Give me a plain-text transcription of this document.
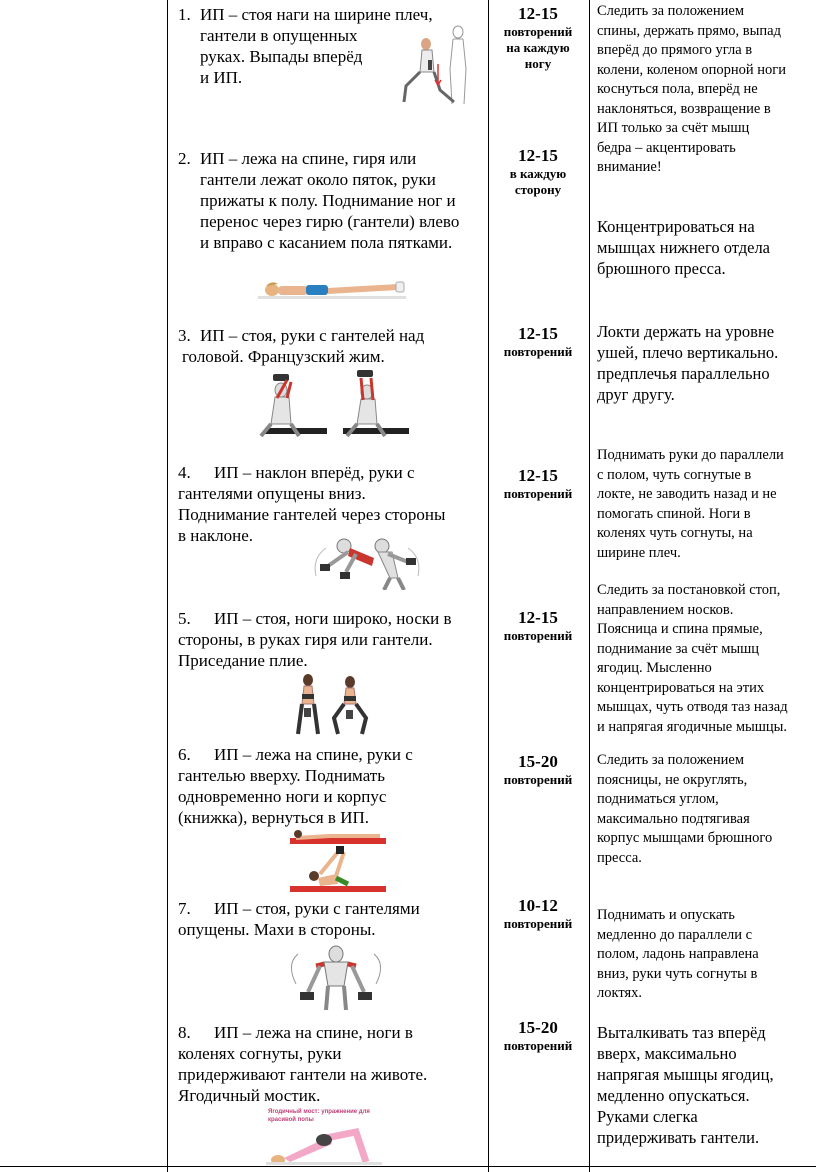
1. ИП – стоя наги на ширине плеч,
гантели в опущенных
руках. Выпады вперёд
и ИП.
12-15
повторений
на каждую
ногу
Следить за положением
спины, держать прямо, выпад
вперёд до прямого угла в
колени, коленом опорной ноги
коснуться пола, вперёд не
наклоняться, возвращение в
ИП только за счёт мышц
бедра – акцентировать
внимание!
2. ИП – лежа на спине, гиря или
гантели лежат около пяток, руки
прижаты к полу. Поднимание ног и
перенос через гирю (гантели) влево
и вправо с касанием пола пятками.
12-15
в каждую
сторону
Концентрироваться на
мышцах нижнего отдела
брюшного пресса.
3. ИП – стоя, руки с гантелей над
головой. Французский жим.
12-15
повторений
Локти держать на уровне
ушей, плечо вертикально.
предплечья параллельно
друг другу.
4. ИП – наклон вперёд, руки с
гантелями опущены вниз.
Поднимание гантелей через стороны
в наклоне.
12-15
повторений
Поднимать руки до параллели
с полом, чуть согнутые в
локте, не заводить назад и не
помогать спиной. Ноги в
коленях чуть согнуты, на
ширине плеч.
5. ИП – стоя, ноги широко, носки в
стороны, в руках гиря или гантели.
Приседание плие.
12-15
повторений
Следить за постановкой стоп,
направлением носков.
Поясница и спина прямые,
поднимание за счёт мышц
ягодиц. Мысленно
концентрироваться на этих
мышцах, чуть отводя таз назад
и напрягая ягодичные мышцы.
6. ИП – лежа на спине, руки с
гантелью вверху. Поднимать
одновременно ноги и корпус
(книжка), вернуться в ИП.
15-20
повторений
Следить за положением
поясницы, не округлять,
подниматься углом,
максимально подтягивая
корпус мышцами брюшного
пресса.
7. ИП – стоя, руки с гантелями
опущены. Махи в стороны.
10-12
повторений
Поднимать и опускать
медленно до параллели с
полом, ладонь направлена
вниз, руки чуть согнуты в
локтях.
8. ИП – лежа на спине, ноги в
коленях согнуты, руки
придерживают гантели на животе.
Ягодичный мостик.
Ягодичный мост: упражнение для красивой попы
15-20
повторений
Выталкивать таз вперёд
вверх, максимально
напрягая мышцы ягодиц,
медленно опускаться.
Руками слегка
придерживать гантели.
